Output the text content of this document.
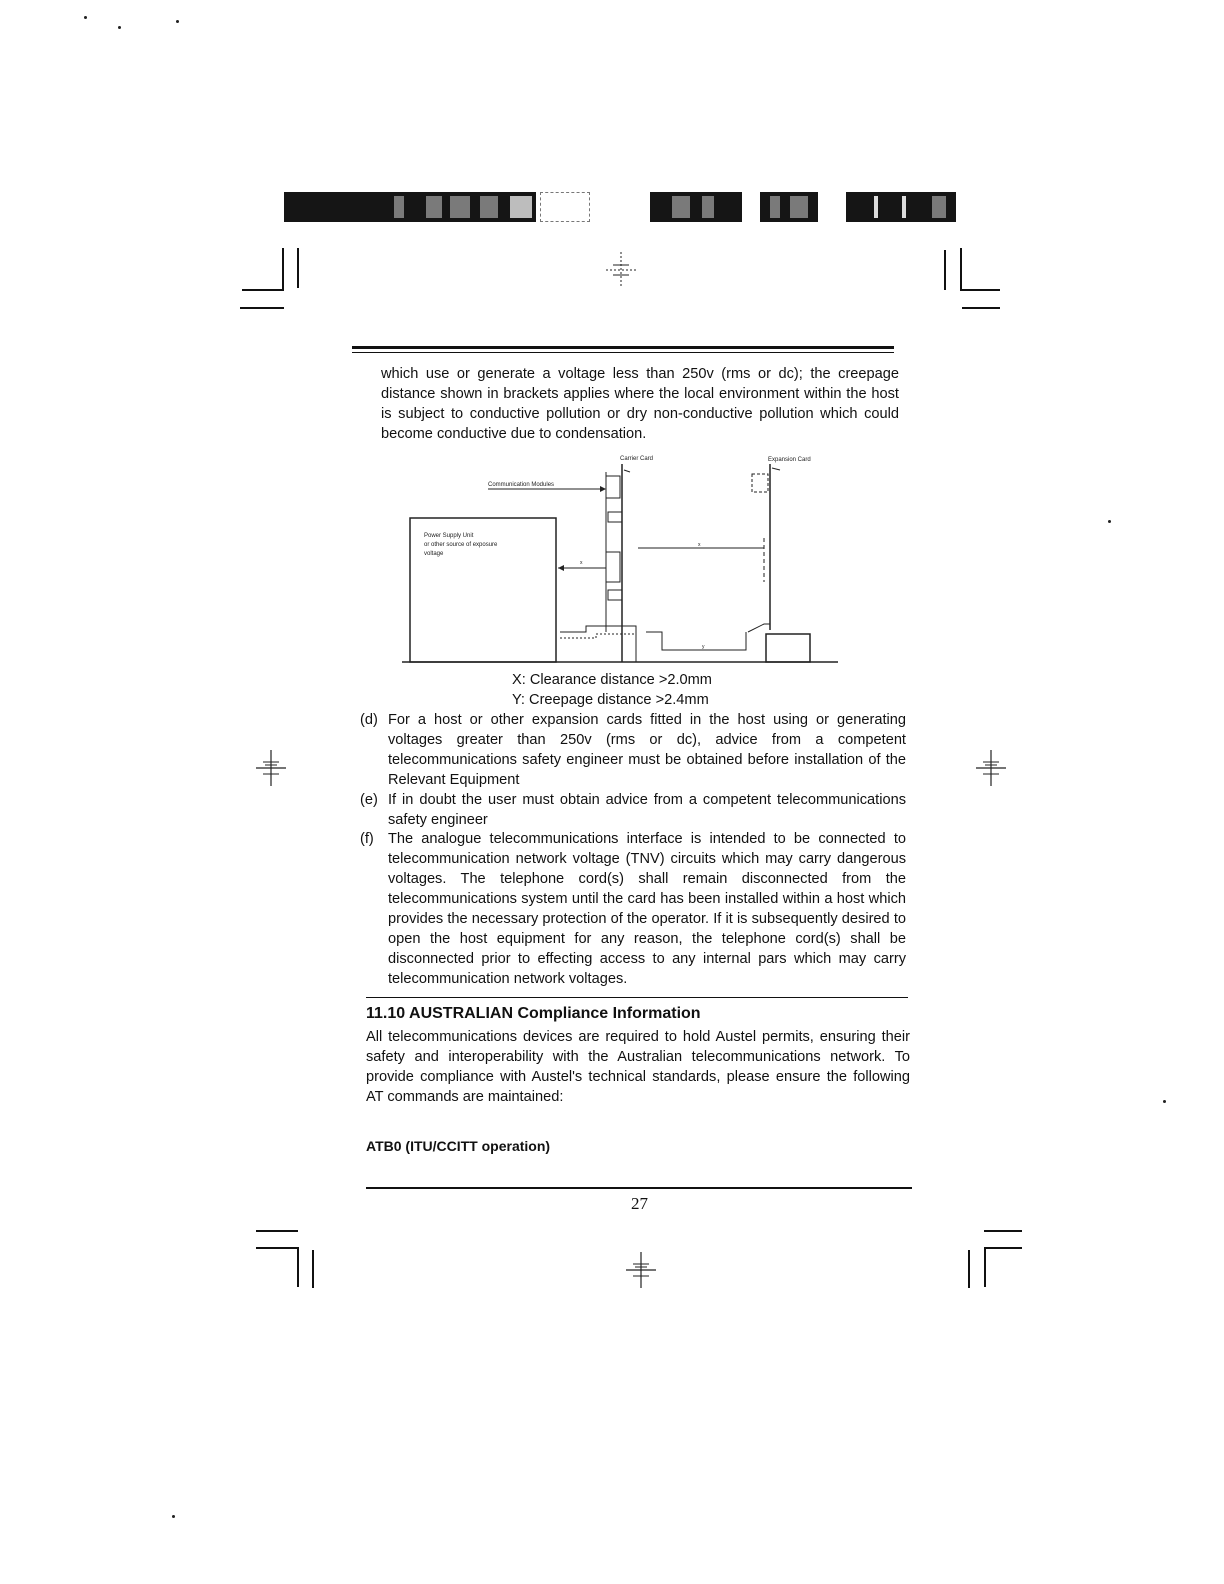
which use or generate a voltage less than 250v (rms or dc); the creepage distance shown in brackets applies where the local environment within the host is subject to conductive pollution or dry non-conductive pollution which could become conductive due to condensation.

Carrier Card	Expansion Card
Communication Modules
Power Supply Unit
or other source of exposure
voltage
x
x
y
X: Clearance distance >2.0mm
Y: Creepage distance >2.4mm
(d) For a host or other expansion cards fitted in the host using or generating voltages greater than 250v (rms or dc), advice from a competent telecommunications safety engineer must be obtained before installation of the Relevant Equipment
(e) If in doubt the user must obtain advice from a competent telecommunications safety engineer
(f) The analogue telecommunications interface is intended to be connected to telecommunication network voltage (TNV) circuits which may carry dangerous voltages. The telephone cord(s) shall remain disconnected from the telecommunications system until the card has been installed within a host which provides the necessary protection of the operator. If it is subsequently desired to open the host equipment for any reason, the telephone cord(s) shall be disconnected prior to effecting access to any internal pars which may carry telecommunication network voltages.
11.10 AUSTRALIAN Compliance Information
All telecommunications devices are required to hold Austel permits, ensuring their safety and interoperability with the Australian telecommunications network. To provide compliance with Austel's technical standards, please ensure the following AT commands are maintained:
ATB0 (ITU/CCITT operation)
27
